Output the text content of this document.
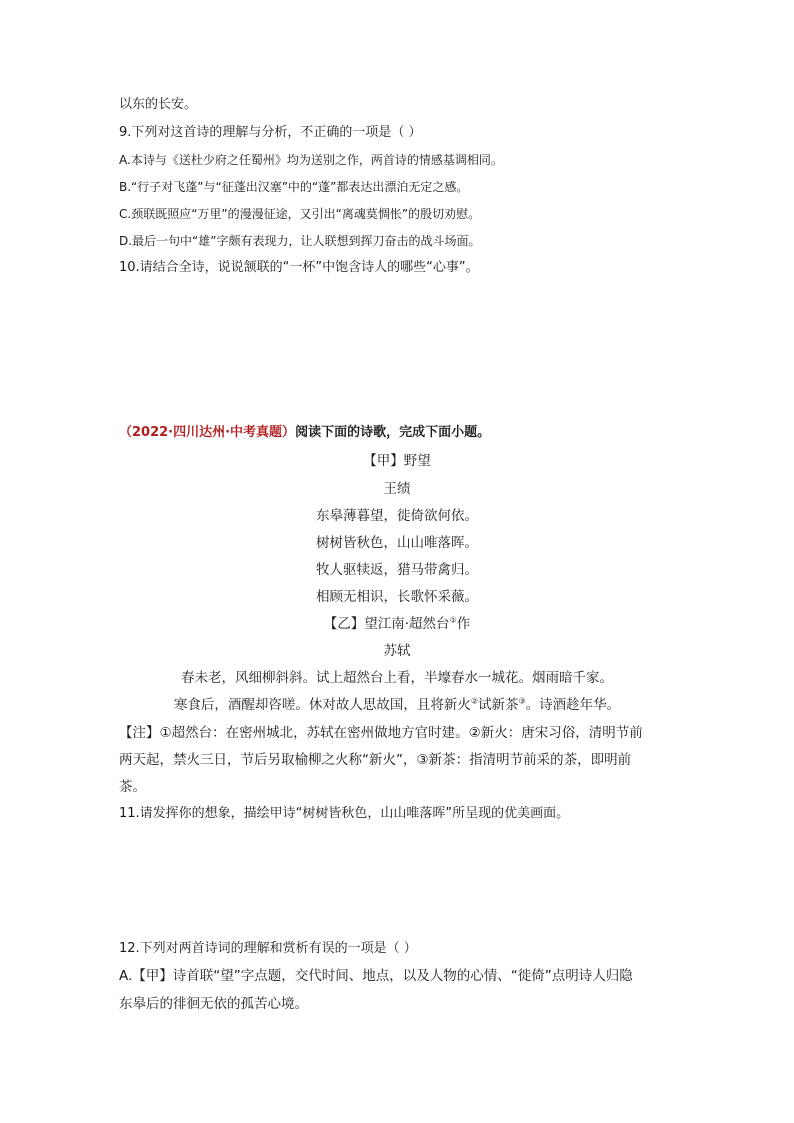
以东的长安。
9.下列对这首诗的理解与分析，不正确的一项是（ ）
A.本诗与《送杜少府之任蜀州》均为送别之作，两首诗的情感基调相同。
B.“行子对飞蓬”与“征蓬出汉塞”中的“蓬”都表达出漂泊无定之感。
C.颈联既照应“万里”的漫漫征途，又引出“离魂莫惆怅”的殷切劝慰。
D.最后一句中“雄”字颇有表现力，让人联想到挥刀奋击的战斗场面。
10.请结合全诗，说说颔联的“一杯”中饱含诗人的哪些“心事”。
（2022·四川达州·中考真题）阅读下面的诗歌，完成下面小题。
【甲】野望
王绩
东皋薄暮望，徙倚欲何依。
树树皆秋色，山山唯落晖。
牧人驱犊返，猎马带禽归。
相顾无相识，长歌怀采薇。
【乙】望江南·超然台①作
苏轼
春未老，风细柳斜斜。试上超然台上看，半壕春水一城花。烟雨暗千家。
寒食后，酒醒却咨嗟。休对故人思故国，且将新火②试新茶③。诗酒趁年华。
【注】①超然台：在密州城北，苏轼在密州做地方官时建。②新火：唐宋习俗，清明节前
两天起，禁火三日，节后另取榆柳之火称“新火”，③新茶：指清明节前采的茶，即明前
茶。
11.请发挥你的想象，描绘甲诗“树树皆秋色，山山唯落晖”所呈现的优美画面。
12.下列对两首诗词的理解和赏析有误的一项是（ ）
A.【甲】诗首联“望”字点题，交代时间、地点，以及人物的心情、“徙倚”点明诗人归隐
东皋后的徘徊无依的孤苦心境。
